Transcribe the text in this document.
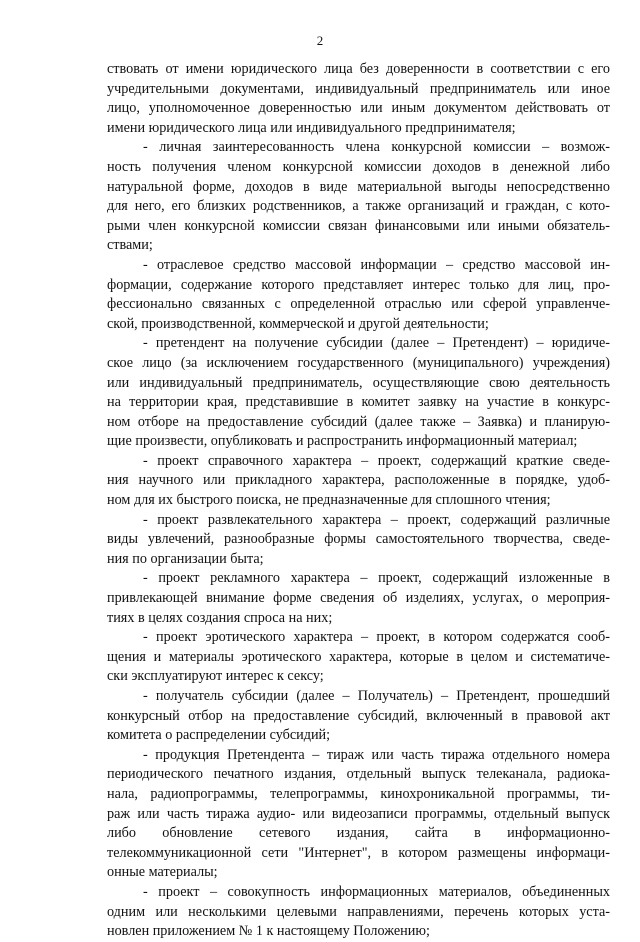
2
ствовать от имени юридического лица без доверенности в соответствии с его
учредительными документами, индивидуальный предприниматель или иное
лицо, уполномоченное доверенностью или иным документом действовать от
имени юридического лица или индивидуального предпринимателя;
- личная заинтересованность члена конкурсной комиссии – возмож-
ность получения членом конкурсной комиссии доходов в денежной либо
натуральной форме, доходов в виде материальной выгоды непосредственно
для него, его близких родственников, а также организаций и граждан, с кото-
рыми член конкурсной комиссии связан финансовыми или иными обязатель-
ствами;
- отраслевое средство массовой информации – средство массовой ин-
формации, содержание которого представляет интерес только для лиц, про-
фессионально связанных с определенной отраслью или сферой управленче-
ской, производственной, коммерческой и другой деятельности;
- претендент на получение субсидии (далее – Претендент) – юридиче-
ское лицо (за исключением государственного (муниципального) учреждения)
или индивидуальный предприниматель, осуществляющие свою деятельность
на территории края, представившие в комитет заявку на участие в конкурс-
ном отборе на предоставление субсидий (далее также – Заявка) и планирую-
щие произвести, опубликовать и распространить информационный материал;
- проект справочного характера – проект, содержащий краткие сведе-
ния научного или прикладного характера, расположенные в порядке, удоб-
ном для их быстрого поиска, не предназначенные для сплошного чтения;
- проект развлекательного характера – проект, содержащий различные
виды увлечений, разнообразные формы самостоятельного творчества, сведе-
ния по организации быта;
- проект рекламного характера – проект, содержащий изложенные в
привлекающей внимание форме сведения об изделиях, услугах, о мероприя-
тиях в целях создания спроса на них;
- проект эротического характера – проект, в котором содержатся сооб-
щения и материалы эротического характера, которые в целом и систематиче-
ски эксплуатируют интерес к сексу;
- получатель субсидии (далее – Получатель) – Претендент, прошедший
конкурсный отбор на предоставление субсидий, включенный в правовой акт
комитета о распределении субсидий;
- продукция Претендента – тираж или часть тиража отдельного номера
периодического печатного издания, отдельный выпуск телеканала, радиока-
нала, радиопрограммы, телепрограммы, кинохроникальной программы, ти-
раж или часть тиража аудио- или видеозаписи программы, отдельный выпуск
либо обновление сетевого издания, сайта в информационно-
телекоммуникационной сети "Интернет", в котором размещены информаци-
онные материалы;
- проект – совокупность информационных материалов, объединенных
одним или несколькими целевыми направлениями, перечень которых уста-
новлен приложением № 1 к настоящему Положению;
